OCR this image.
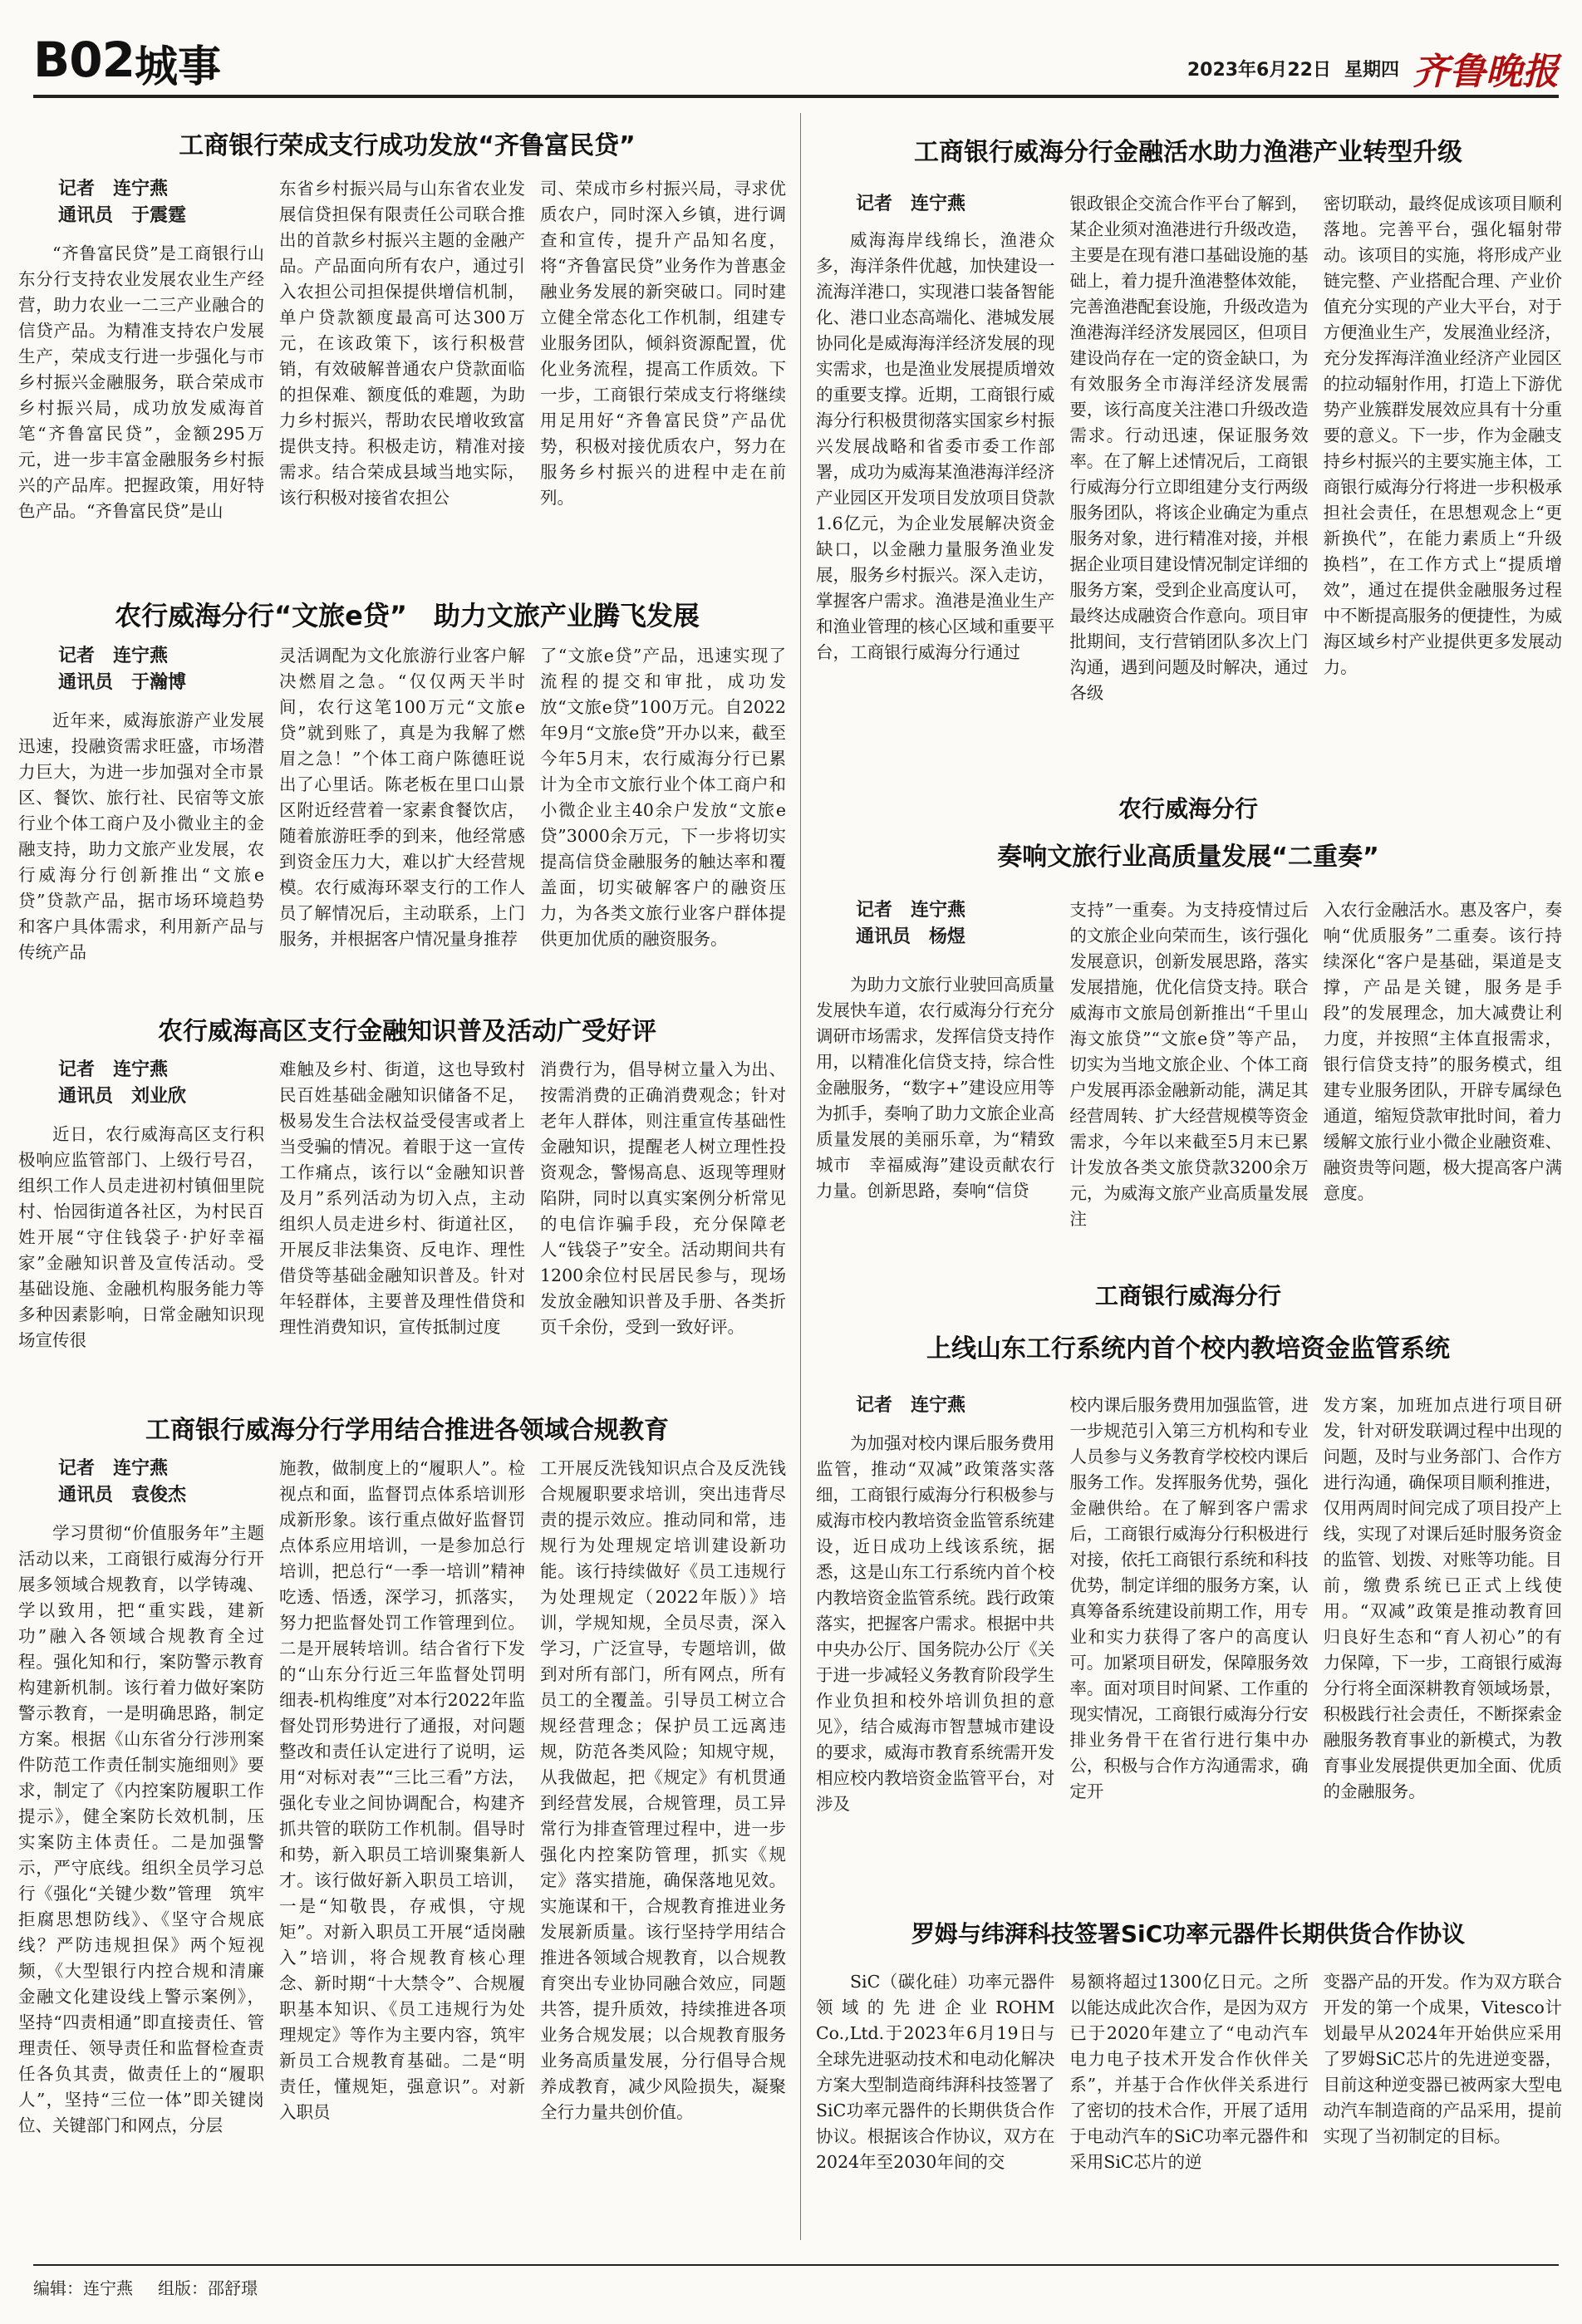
B02 城事	2023年6月22日 星期四 齐鲁晚报
工商银行荣成支行成功发放“齐鲁富民贷”
记者　连宁燕
通讯员　于震霆

“齐鲁富民贷”是工商银行山东分行支持农业发展农业生产经营，助力农业一二三产业融合的信贷产品。为精准支持农户发展生产，荣成支行进一步强化与市乡村振兴金融服务，联合荣成市乡村振兴局，成功放发威海首笔“齐鲁富民贷”，金额295万元，进一步丰富金融服务乡村振兴的产品库。把握政策，用好特色产品。“齐鲁富民贷”是山

东省乡村振兴局与山东省农业发展信贷担保有限责任公司联合推出的首款乡村振兴主题的金融产品。产品面向所有农户，通过引入农担公司担保提供增信机制，单户贷款额度最高可达300万元，在该政策下，该行积极营销，有效破解普通农户贷款面临的担保难、额度低的难题，为助力乡村振兴，帮助农民增收致富提供支持。积极走访，精准对接需求。结合荣成县域当地实际，该行积极对接省农担公

司、荣成市乡村振兴局，寻求优质农户，同时深入乡镇，进行调查和宣传，提升产品知名度，将“齐鲁富民贷”业务作为普惠金融业务发展的新突破口。同时建立健全常态化工作机制，组建专业服务团队，倾斜资源配置，优化业务流程，提高工作质效。下一步，工商银行荣成支行将继续用足用好“齐鲁富民贷”产品优势，积极对接优质农户，努力在服务乡村振兴的进程中走在前列。

农行威海分行“文旅e贷”　助力文旅产业腾飞发展
记者　连宁燕
通讯员　于瀚博

近年来，威海旅游产业发展迅速，投融资需求旺盛，市场潜力巨大，为进一步加强对全市景区、餐饮、旅行社、民宿等文旅行业个体工商户及小微业主的金融支持，助力文旅产业发展，农行威海分行创新推出“文旅e贷”贷款产品，据市场环境趋势和客户具体需求，利用新产品与传统产品

灵活调配为文化旅游行业客户解决燃眉之急。“仅仅两天半时间，农行这笔100万元“文旅e贷”就到账了，真是为我解了燃眉之急！”个体工商户陈德旺说出了心里话。陈老板在里口山景区附近经营着一家素食餐饮店，随着旅游旺季的到来，他经常感到资金压力大，难以扩大经营规模。农行威海环翠支行的工作人员了解情况后，主动联系，上门服务，并根据客户情况量身推荐

了“文旅e贷”产品，迅速实现了流程的提交和审批，成功发放“文旅e贷”100万元。自2022年9月“文旅e贷”开办以来，截至今年5月末，农行威海分行已累计为全市文旅行业个体工商户和小微企业主40余户发放“文旅e贷”3000余万元，下一步将切实提高信贷金融服务的触达率和覆盖面，切实破解客户的融资压力，为各类文旅行业客户群体提供更加优质的融资服务。

农行威海高区支行金融知识普及活动广受好评
记者　连宁燕
通讯员　刘业欣

近日，农行威海高区支行积极响应监管部门、上级行号召，组织工作人员走进初村镇佃里院村、怡园街道各社区，为村民百姓开展“守住钱袋子·护好幸福家”金融知识普及宣传活动。受基础设施、金融机构服务能力等多种因素影响，日常金融知识现场宣传很

难触及乡村、街道，这也导致村民百姓基础金融知识储备不足，极易发生合法权益受侵害或者上当受骗的情况。着眼于这一宣传工作痛点，该行以“金融知识普及月”系列活动为切入点，主动组织人员走进乡村、街道社区，开展反非法集资、反电诈、理性借贷等基础金融知识普及。针对年轻群体，主要普及理性借贷和理性消费知识，宣传抵制过度

消费行为，倡导树立量入为出、按需消费的正确消费观念；针对老年人群体，则注重宣传基础性金融知识，提醒老人树立理性投资观念，警惕高息、返现等理财陷阱，同时以真实案例分析常见的电信诈骗手段，充分保障老人“钱袋子”安全。活动期间共有1200余位村民居民参与，现场发放金融知识普及手册、各类折页千余份，受到一致好评。

工商银行威海分行学用结合推进各领域合规教育
记者　连宁燕
通讯员　袁俊杰

学习贯彻“价值服务年”主题活动以来，工商银行威海分行开展多领域合规教育，以学铸魂、学以致用，把“重实践，建新功”融入各领域合规教育全过程。强化知和行，案防警示教育构建新机制。该行着力做好案防警示教育，一是明确思路，制定方案。根据《山东省分行涉刑案件防范工作责任制实施细则》要求，制定了《内控案防履职工作提示》，健全案防长效机制，压实案防主体责任。二是加强警示，严守底线。组织全员学习总行《强化“关键少数”管理　筑牢拒腐思想防线》、《坚守合规底线？严防违规担保》两个短视频，《大型银行内控合规和清廉金融文化建设线上警示案例》，坚持“四责相通”即直接责任、管理责任、领导责任和监督检查责任各负其责，做责任上的“履职人”，坚持“三位一体”即关键岗位、关键部门和网点，分层

施教，做制度上的“履职人”。检视点和面，监督罚点体系培训形成新形象。该行重点做好监督罚点体系应用培训，一是参加总行培训，把总行“一季一培训”精神吃透、悟透，深学习，抓落实，努力把监督处罚工作管理到位。二是开展转培训。结合省行下发的“山东分行近三年监督处罚明细表-机构维度”对本行2022年监督处罚形势进行了通报，对问题整改和责任认定进行了说明，运用“对标对表”“三比三看”方法，强化专业之间协调配合，构建齐抓共管的联防工作机制。倡导时和势，新入职员工培训聚集新人才。该行做好新入职员工培训，一是“知敬畏，存戒惧，守规矩”。对新入职员工开展“适岗融入”培训，将合规教育核心理念、新时期“十大禁令”、合规履职基本知识、《员工违规行为处理规定》等作为主要内容，筑牢新员工合规教育基础。二是“明责任，懂规矩，强意识”。对新入职员

工开展反洗钱知识点合及反洗钱合规履职要求培训，突出违背尽责的提示效应。推动同和常，违规行为处理规定培训建设新功能。该行持续做好《员工违规行为处理规定（2022年版）》培训，学规知规，全员尽责，深入学习，广泛宣导，专题培训，做到对所有部门，所有网点，所有员工的全覆盖。引导员工树立合规经营理念；保护员工远离违规，防范各类风险；知规守规，从我做起，把《规定》有机贯通到经营发展，合规管理，员工异常行为排查管理过程中，进一步强化内控案防管理，抓实《规定》落实措施，确保落地见效。实施谋和干，合规教育推进业务发展新质量。该行坚持学用结合推进各领域合规教育，以合规教育突出专业协同融合效应，同题共答，提升质效，持续推进各项业务合规发展；以合规教育服务业务高质量发展，分行倡导合规养成教育，减少风险损失，凝聚全行力量共创价值。

工商银行威海分行金融活水助力渔港产业转型升级
记者　连宁燕

威海海岸线绵长，渔港众多，海洋条件优越，加快建设一流海洋港口，实现港口装备智能化、港口业态高端化、港城发展协同化是威海海洋经济发展的现实需求，也是渔业发展提质增效的重要支撑。近期，工商银行威海分行积极贯彻落实国家乡村振兴发展战略和省委市委工作部署，成功为威海某渔港海洋经济产业园区开发项目发放项目贷款1.6亿元，为企业发展解决资金缺口，以金融力量服务渔业发展，服务乡村振兴。深入走访，掌握客户需求。渔港是渔业生产和渔业管理的核心区域和重要平台，工商银行威海分行通过

银政银企交流合作平台了解到，某企业须对渔港进行升级改造，主要是在现有港口基础设施的基础上，着力提升渔港整体效能，完善渔港配套设施，升级改造为渔港海洋经济发展园区，但项目建设尚存在一定的资金缺口，为有效服务全市海洋经济发展需要，该行高度关注港口升级改造需求。行动迅速，保证服务效率。在了解上述情况后，工商银行威海分行立即组建分支行两级服务团队，将该企业确定为重点服务对象，进行精准对接，并根据企业项目建设情况制定详细的服务方案，受到企业高度认可，最终达成融资合作意向。项目审批期间，支行营销团队多次上门沟通，遇到问题及时解决，通过各级

密切联动，最终促成该项目顺利落地。完善平台，强化辐射带动。该项目的实施，将形成产业链完整、产业搭配合理、产业价值充分实现的产业大平台，对于方便渔业生产，发展渔业经济，充分发挥海洋渔业经济产业园区的拉动辐射作用，打造上下游优势产业簇群发展效应具有十分重要的意义。下一步，作为金融支持乡村振兴的主要实施主体，工商银行威海分行将进一步积极承担社会责任，在思想观念上“更新换代”，在能力素质上“升级换档”，在工作方式上“提质增效”，通过在提供金融服务过程中不断提高服务的便捷性，为威海区域乡村产业提供更多发展动力。

农行威海分行
奏响文旅行业高质量发展“二重奏”
记者　连宁燕
通讯员　杨煜

为助力文旅行业驶回高质量发展快车道，农行威海分行充分调研市场需求，发挥信贷支持作用，以精准化信贷支持，综合性金融服务，“数字+”建设应用等为抓手，奏响了助力文旅企业高质量发展的美丽乐章，为“精致城市　幸福威海”建设贡献农行力量。创新思路，奏响“信贷

支持”一重奏。为支持疫情过后的文旅企业向荣而生，该行强化发展意识，创新发展思路，落实发展措施，优化信贷支持。联合威海市文旅局创新推出“千里山海文旅贷”“文旅e贷”等产品，切实为当地文旅企业、个体工商户发展再添金融新动能，满足其经营周转、扩大经营规模等资金需求，今年以来截至5月末已累计发放各类文旅贷款3200余万元，为威海文旅产业高质量发展注

入农行金融活水。惠及客户，奏响“优质服务”二重奏。该行持续深化“客户是基础，渠道是支撑，产品是关键，服务是手段”的发展理念，加大减费让利力度，并按照“主体直报需求，银行信贷支持”的服务模式，组建专业服务团队，开辟专属绿色通道，缩短贷款审批时间，着力缓解文旅行业小微企业融资难、融资贵等问题，极大提高客户满意度。

工商银行威海分行
上线山东工行系统内首个校内教培资金监管系统
记者　连宁燕

为加强对校内课后服务费用监管，推动“双减”政策落实落细，工商银行威海分行积极参与威海市校内教培资金监管系统建设，近日成功上线该系统，据悉，这是山东工行系统内首个校内教培资金监管系统。践行政策落实，把握客户需求。根据中共中央办公厅、国务院办公厅《关于进一步减轻义务教育阶段学生作业负担和校外培训负担的意见》，结合威海市智慧城市建设的要求，威海市教育系统需开发相应校内教培资金监管平台，对涉及

校内课后服务费用加强监管，进一步规范引入第三方机构和专业人员参与义务教育学校校内课后服务工作。发挥服务优势，强化金融供给。在了解到客户需求后，工商银行威海分行积极进行对接，依托工商银行系统和科技优势，制定详细的服务方案，认真筹备系统建设前期工作，用专业和实力获得了客户的高度认可。加紧项目研发，保障服务效率。面对项目时间紧、工作重的现实情况，工商银行威海分行安排业务骨干在省行进行集中办公，积极与合作方沟通需求，确定开

发方案，加班加点进行项目研发，针对研发联调过程中出现的问题，及时与业务部门、合作方进行沟通，确保项目顺利推进，仅用两周时间完成了项目投产上线，实现了对课后延时服务资金的监管、划拨、对账等功能。目前，缴费系统已正式上线使用。“双减”政策是推动教育回归良好生态和“育人初心”的有力保障，下一步，工商银行威海分行将全面深耕教育领域场景，积极践行社会责任，不断探索金融服务教育事业的新模式，为教育事业发展提供更加全面、优质的金融服务。

罗姆与纬湃科技签署SiC功率元器件长期供货合作协议

SiC（碳化硅）功率元器件领域的先进企业ROHM Co.,Ltd.于2023年6月19日与全球先进驱动技术和电动化解决方案大型制造商纬湃科技签署了SiC功率元器件的长期供货合作协议。根据该合作协议，双方在2024年至2030年间的交

易额将超过1300亿日元。之所以能达成此次合作，是因为双方已于2020年建立了“电动汽车电力电子技术开发合作伙伴关系”，并基于合作伙伴关系进行了密切的技术合作，开展了适用于电动汽车的SiC功率元器件和采用SiC芯片的逆

变器产品的开发。作为双方联合开发的第一个成果，Vitesco计划最早从2024年开始供应采用了罗姆SiC芯片的先进逆变器，目前这种逆变器已被两家大型电动汽车制造商的产品采用，提前实现了当初制定的目标。

编辑：连宁燕 组版：邵舒璟
